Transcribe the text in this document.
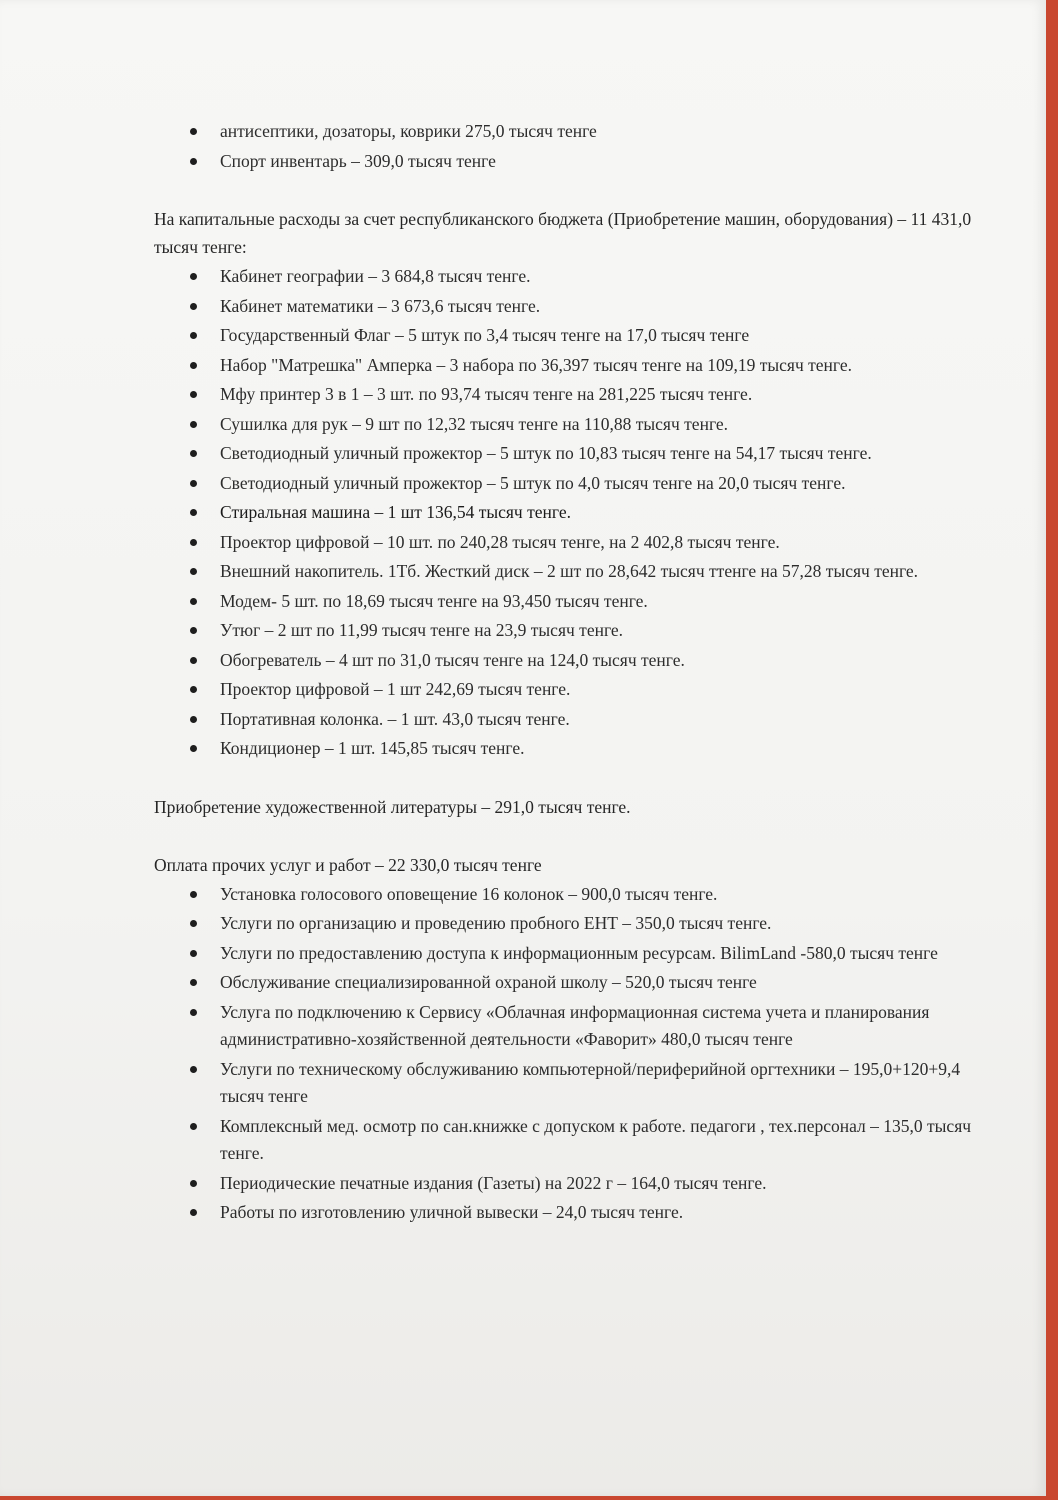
антисептики, дозаторы, коврики 275,0 тысяч тенге
Спорт инвентарь – 309,0 тысяч тенге

На капитальные расходы за счет республиканского бюджета (Приобретение машин, оборудования) – 11 431,0 тысяч тенге:

Кабинет географии – 3 684,8 тысяч тенге.
Кабинет математики – 3 673,6 тысяч тенге.
Государственный Флаг – 5 штук по 3,4 тысяч тенге на 17,0 тысяч тенге
Набор "Матрешка" Амперка – 3 набора по 36,397 тысяч тенге на 109,19 тысяч тенге.
Мфу принтер 3 в 1 – 3 шт. по 93,74 тысяч тенге на 281,225 тысяч тенге.
Сушилка для рук – 9 шт по 12,32 тысяч тенге на 110,88 тысяч тенге.
Светодиодный уличный прожектор – 5 штук по 10,83 тысяч тенге на 54,17 тысяч тенге.
Светодиодный уличный прожектор – 5 штук по 4,0 тысяч тенге на 20,0 тысяч тенге.
Стиральная машина – 1 шт 136,54 тысяч тенге.
Проектор цифровой – 10 шт. по 240,28 тысяч тенге, на 2 402,8 тысяч тенге.
Внешний накопитель. 1Тб. Жесткий диск – 2 шт по 28,642 тысяч ттенге на 57,28 тысяч тенге.
Модем- 5 шт. по 18,69 тысяч тенге на 93,450 тысяч тенге.
Утюг – 2 шт по 11,99 тысяч тенге на 23,9 тысяч тенге.
Обогреватель – 4 шт по 31,0 тысяч тенге на 124,0 тысяч тенге.
Проектор цифровой – 1 шт 242,69 тысяч тенге.
Портативная колонка. – 1 шт. 43,0 тысяч тенге.
Кондиционер – 1 шт. 145,85 тысяч тенге.

Приобретение художественной литературы – 291,0 тысяч тенге.

Оплата прочих услуг и работ – 22 330,0 тысяч тенге

Установка голосового оповещение 16 колонок – 900,0 тысяч тенге.
Услуги по организацию и проведению пробного ЕНТ – 350,0 тысяч тенге.
Услуги по предоставлению доступа к информационным ресурсам. BilimLand -580,0 тысяч тенге
Обслуживание специализированной охраной школу – 520,0 тысяч тенге
Услуга по подключению к Сервису «Облачная информационная система учета и планирования административно-хозяйственной деятельности «Фаворит» 480,0 тысяч тенге
Услуги по техническому обслуживанию компьютерной/периферийной оргтехники – 195,0+120+9,4 тысяч тенге
Комплексный мед. осмотр по сан.книжке с допуском к работе. педагоги , тех.персонал – 135,0 тысяч тенге.
Периодические печатные издания (Газеты) на 2022 г – 164,0 тысяч тенге.
Работы по изготовлению уличной вывески – 24,0 тысяч тенге.
